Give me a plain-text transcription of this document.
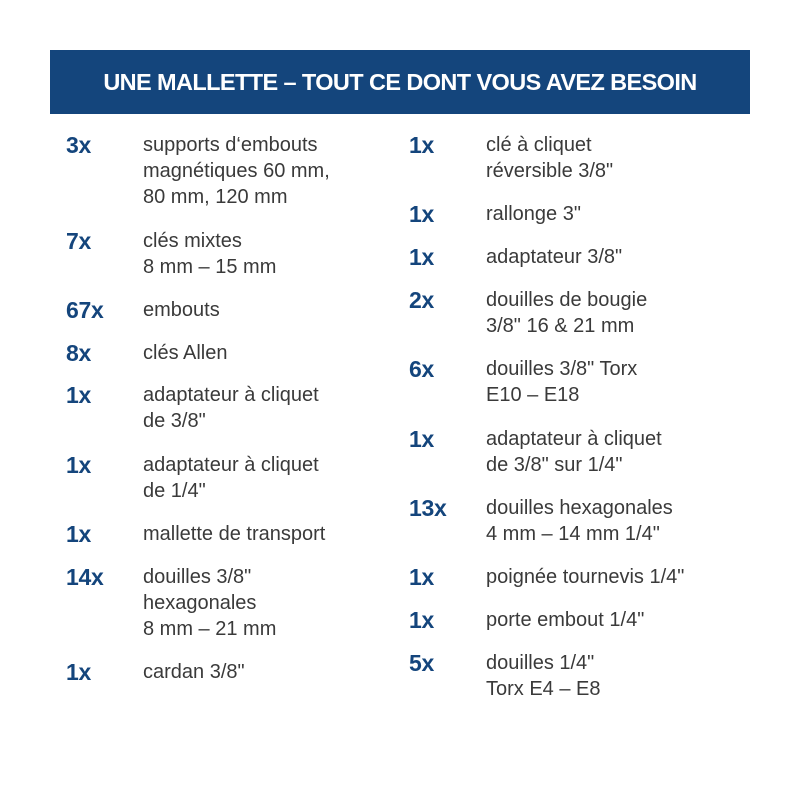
UNE MALLETTE – TOUT CE DONT VOUS AVEZ BESOIN
3x	supports d‘embouts
magnétiques 60 mm,
80 mm, 120 mm
7x	clés mixtes
8 mm – 15 mm
67x embouts
8x	clés Allen
1x	adaptateur à cliquet
de 3/8"
1x	adaptateur à cliquet
de 1/4"
1x	mallette de transport
14x douilles 3/8"
hexagonales
8 mm – 21 mm
1x	cardan 3/8"
1x	clé à cliquet
réversible 3/8"
1x	rallonge 3"
1x	adaptateur 3/8"
2x	douilles de bougie
3/8" 16 & 21 mm
6x	douilles 3/8" Torx
E10 – E18
1x	adaptateur à cliquet
de 3/8" sur 1/4"
13x douilles hexagonales
4 mm – 14 mm 1/4"
1x	poignée tournevis 1/4"
1x	porte embout 1/4"
5x	douilles 1/4"
Torx E4 – E8
